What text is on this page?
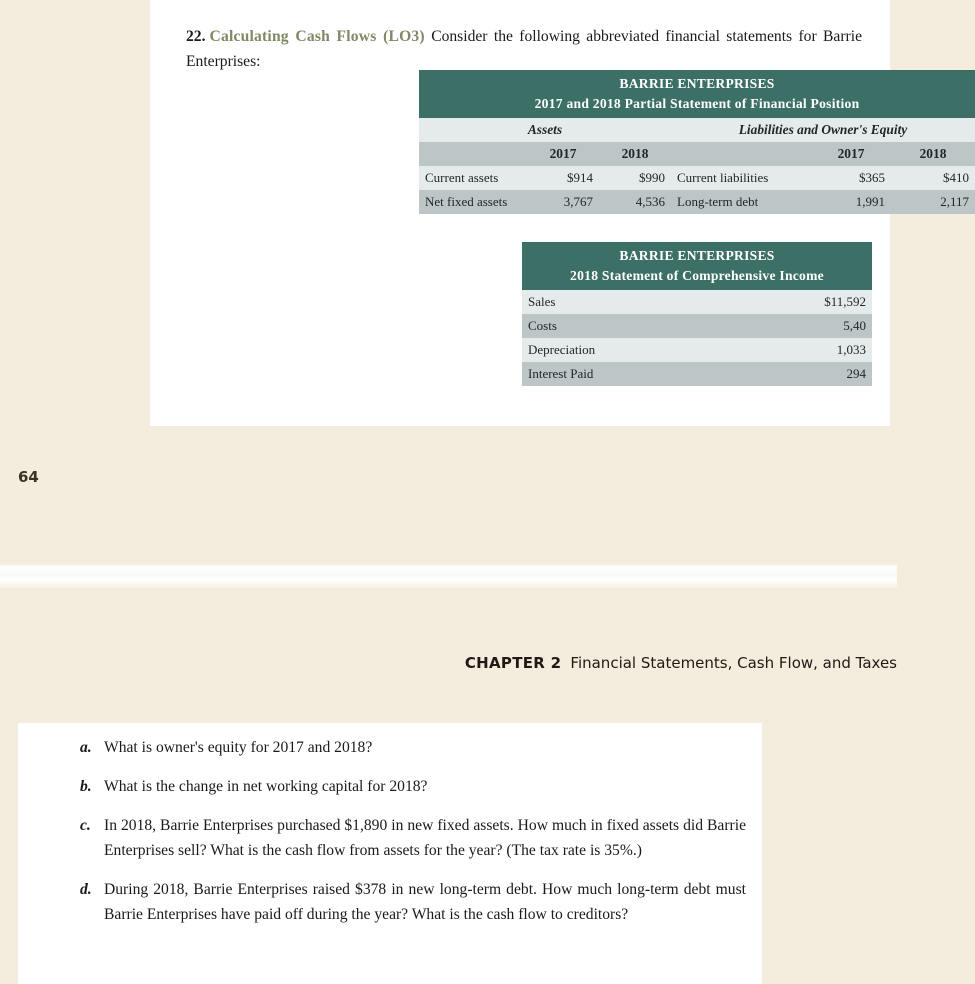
22. Calculating Cash Flows (LO3) Consider the following abbreviated financial statements for Barrie Enterprises:

BARRIE ENTERPRISES
2017 and 2018 Partial Statement of Financial Position					

Assets			Liabilities and Owner's Equity		
	2017	2018		2017	2018
Current assets	$914	$990	Current liabilities	$365	$410
Net fixed assets	3,767	4,536	Long-term debt	1,991	2,117
BARRIE ENTERPRISES
2018 Statement of Comprehensive Income	

Sales	$11,592
Costs	5,40
Depreciation	1,033
Interest Paid	294
64
CHAPTER 2 Financial Statements, Cash Flow, and Taxes
a. What is owner's equity for 2017 and 2018?
b. What is the change in net working capital for 2018?
c. In 2018, Barrie Enterprises purchased $1,890 in new fixed assets. How much in fixed assets did Barrie Enterprises sell? What is the cash flow from assets for the year? (The tax rate is 35%.)
d. During 2018, Barrie Enterprises raised $378 in new long-term debt. How much long-term debt must Barrie Enterprises have paid off during the year? What is the cash flow to creditors?
